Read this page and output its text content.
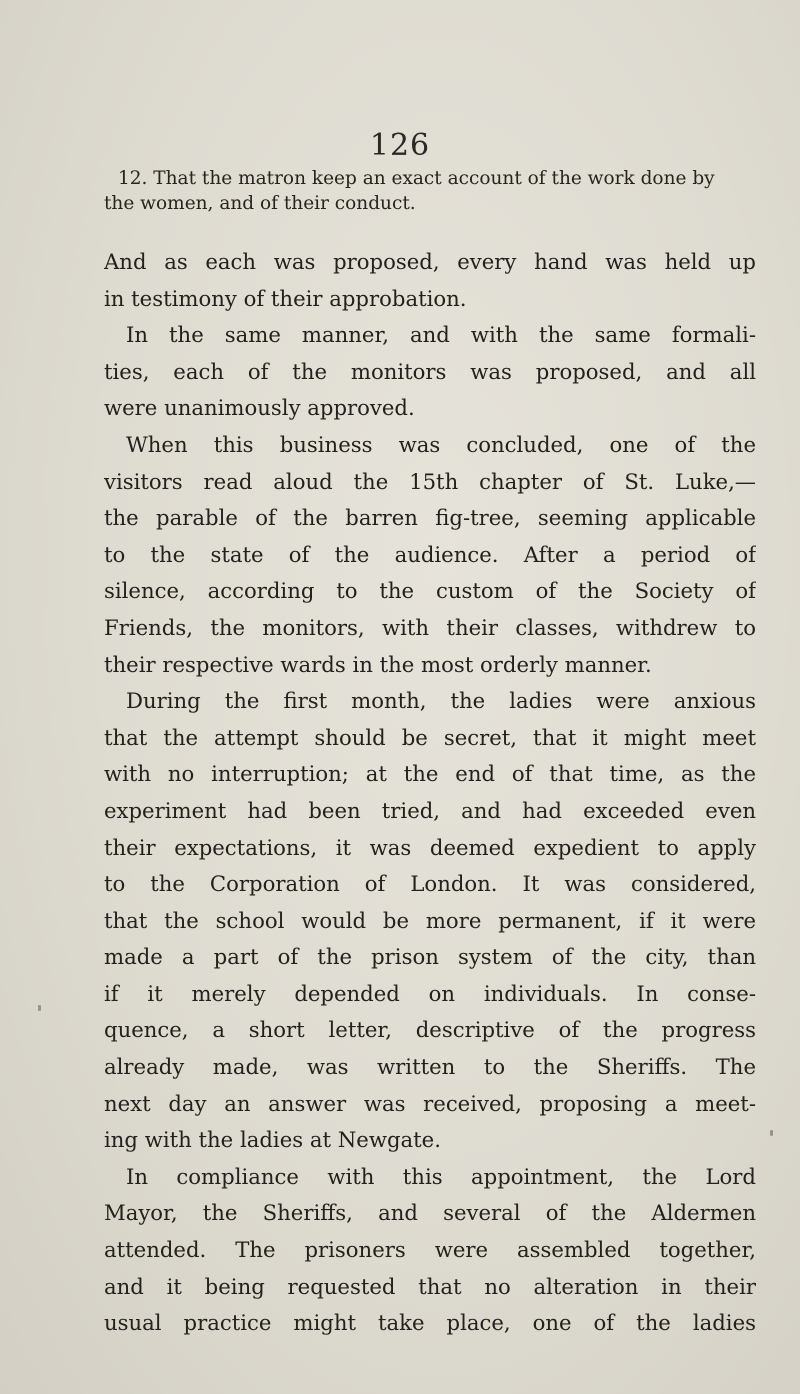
126
12. That the matron keep an exact account of the work done by the women, and of their conduct.
And as each was proposed, every hand was held up
in testimony of their approbation.
In the same manner, and with the same formali-
ties, each of the monitors was proposed, and all
were unanimously approved.
When this business was concluded, one of the
visitors read aloud the 15th chapter of St. Luke,—
the parable of the barren fig-tree, seeming applicable
to the state of the audience. After a period of
silence, according to the custom of the Society of
Friends, the monitors, with their classes, withdrew to
their respective wards in the most orderly manner.
During the first month, the ladies were anxious
that the attempt should be secret, that it might meet
with no interruption; at the end of that time, as the
experiment had been tried, and had exceeded even
their expectations, it was deemed expedient to apply
to the Corporation of London. It was considered,
that the school would be more permanent, if it were
made a part of the prison system of the city, than
if it merely depended on individuals. In conse-
quence, a short letter, descriptive of the progress
already made, was written to the Sheriffs. The
next day an answer was received, proposing a meet-
ing with the ladies at Newgate.
In compliance with this appointment, the Lord
Mayor, the Sheriffs, and several of the Aldermen
attended. The prisoners were assembled together,
and it being requested that no alteration in their
usual practice might take place, one of the ladies
